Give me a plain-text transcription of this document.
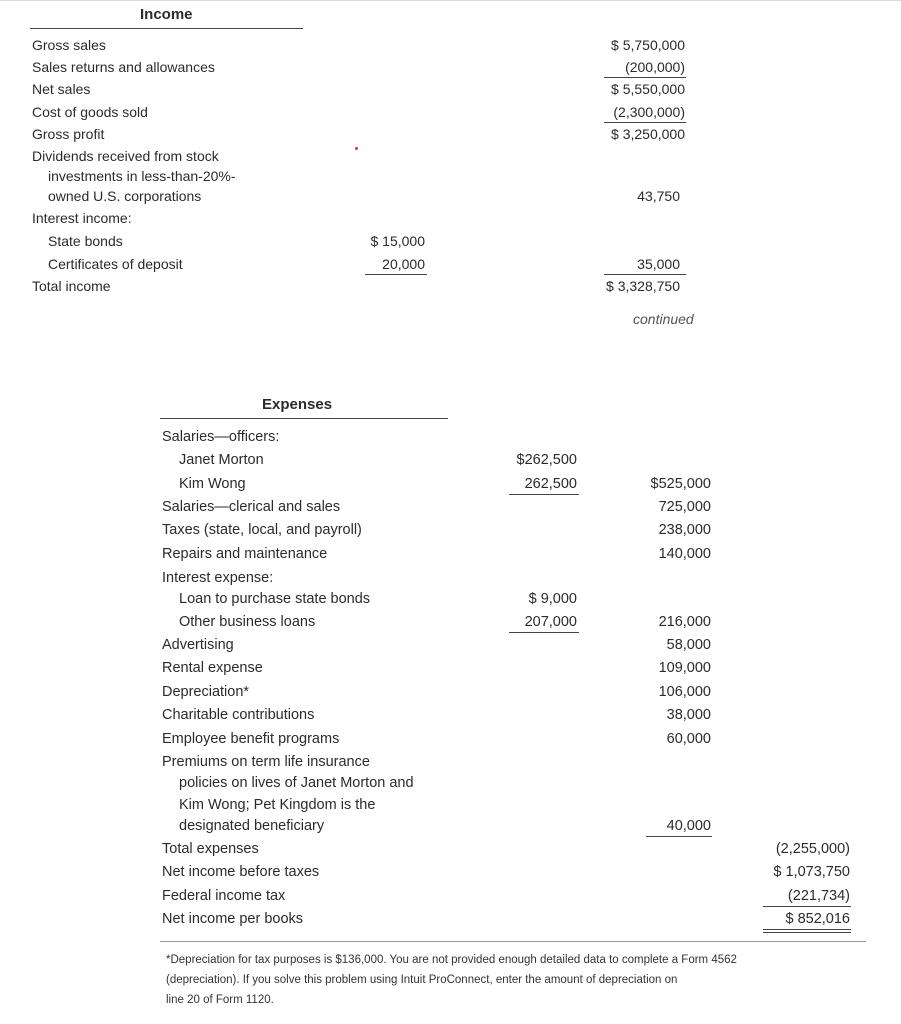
Income
Gross sales
Sales returns and allowances
Net sales
Cost of goods sold
Gross profit
Dividends received from stock
investments in less-than-20%-
owned U.S. corporations
Interest income:
State bonds
Certificates of deposit
Total income
$ 15,000
20,000
$ 5,750,000
(200,000)
$ 5,550,000
(2,300,000)
$ 3,250,000
43,750
35,000
$ 3,328,750
continued
Expenses
Salaries—officers:
Janet Morton
Kim Wong
Salaries—clerical and sales
Taxes (state, local, and payroll)
Repairs and maintenance
Interest expense:
Loan to purchase state bonds
Other business loans
Advertising
Rental expense
Depreciation*
Charitable contributions
Employee benefit programs
Premiums on term life insurance
policies on lives of Janet Morton and
Kim Wong; Pet Kingdom is the
designated beneficiary
Total expenses
Net income before taxes
Federal income tax
Net income per books
$262,500
262,500
$ 9,000
207,000
$525,000
725,000
238,000
140,000
216,000
58,000
109,000
106,000
38,000
60,000
40,000
(2,255,000)
$ 1,073,750
(221,734)
$ 852,016
*Depreciation for tax purposes is $136,000. You are not provided enough detailed data to complete a Form 4562
(depreciation). If you solve this problem using Intuit ProConnect, enter the amount of depreciation on
line 20 of Form 1120.
